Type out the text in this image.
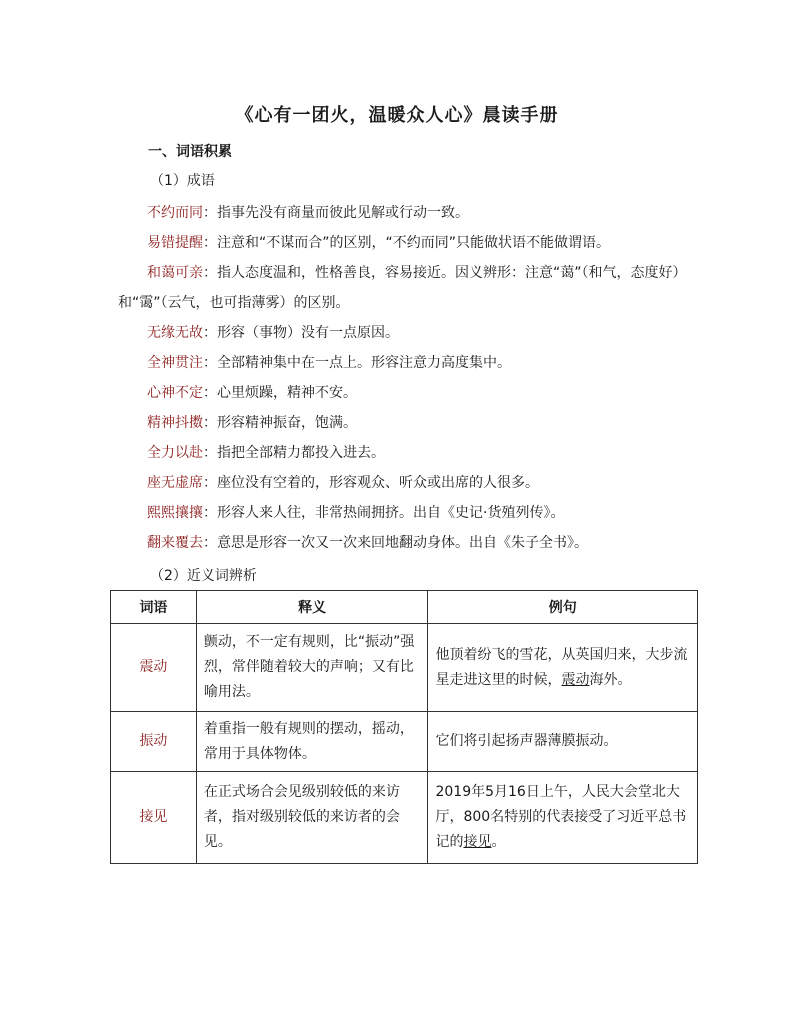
《心有一团火，温暖众人心》晨读手册
一、词语积累
（1）成语
不约而同：指事先没有商量而彼此见解或行动一致。
易错提醒：注意和“不谋而合”的区别，“不约而同”只能做状语不能做谓语。
和蔼可亲：指人态度温和，性格善良，容易接近。因义辨形：注意“蔼”（和气，态度好）和“霭”（云气，也可指薄雾）的区别。
无缘无故：形容（事物）没有一点原因。
全神贯注：全部精神集中在一点上。形容注意力高度集中。
心神不定：心里烦躁，精神不安。
精神抖擞：形容精神振奋，饱满。
全力以赴：指把全部精力都投入进去。
座无虚席：座位没有空着的，形容观众、听众或出席的人很多。
熙熙攘攘：形容人来人往，非常热闹拥挤。出自《史记·货殖列传》。
翻来覆去：意思是形容一次又一次来回地翻动身体。出自《朱子全书》。
（2）近义词辨析
词语	释义	例句
震动	颤动，不一定有规则，比“振动”强烈，常伴随着较大的声响；又有比喻用法。	他顶着纷飞的雪花，从英国归来，大步流星走进这里的时候，震动海外。
振动	着重指一般有规则的摆动，摇动，常用于具体物体。	它们将引起扬声器薄膜振动。
接见	在正式场合会见级别较低的来访者，指对级别较低的来访者的会见。	2019年5月16日上午，人民大会堂北大厅，800名特别的代表接受了习近平总书记的接见。
